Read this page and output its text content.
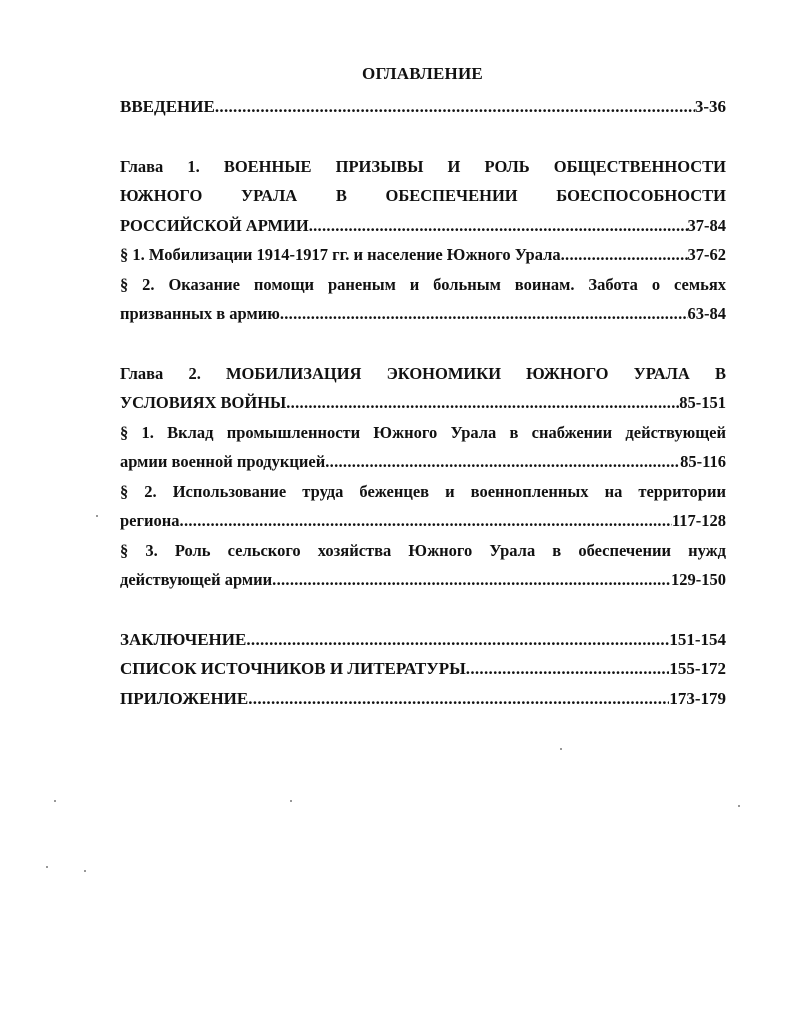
ОГЛАВЛЕНИЕ
ВВЕДЕНИЕ .....	3-36
Глава 1. ВОЕННЫЕ ПРИЗЫВЫ И РОЛЬ ОБЩЕСТВЕННОСТИ
ЮЖНОГО УРАЛА В ОБЕСПЕЧЕНИИ БОЕСПОСОБНОСТИ
РОССИЙСКОЙ АРМИИ .....	37-84
§ 1. Мобилизации 1914-1917 гг. и население Южного Урала .....	37-62
§ 2. Оказание помощи раненым и больным воинам. Забота о семьях
призванных в армию .....	63-84
Глава 2. МОБИЛИЗАЦИЯ ЭКОНОМИКИ ЮЖНОГО УРАЛА В
УСЛОВИЯХ ВОЙНЫ .....	85-151
§ 1. Вклад промышленности Южного Урала в снабжении действующей
армии военной продукцией .....	85-116
§ 2. Использование труда беженцев и военнопленных на территории
региона .....	117-128
§ 3. Роль сельского хозяйства Южного Урала в обеспечении нужд
действующей армии .....	129-150
ЗАКЛЮЧЕНИЕ .....	151-154
СПИСОК ИСТОЧНИКОВ И ЛИТЕРАТУРЫ .....	155-172
ПРИЛОЖЕНИЕ .....	173-179
